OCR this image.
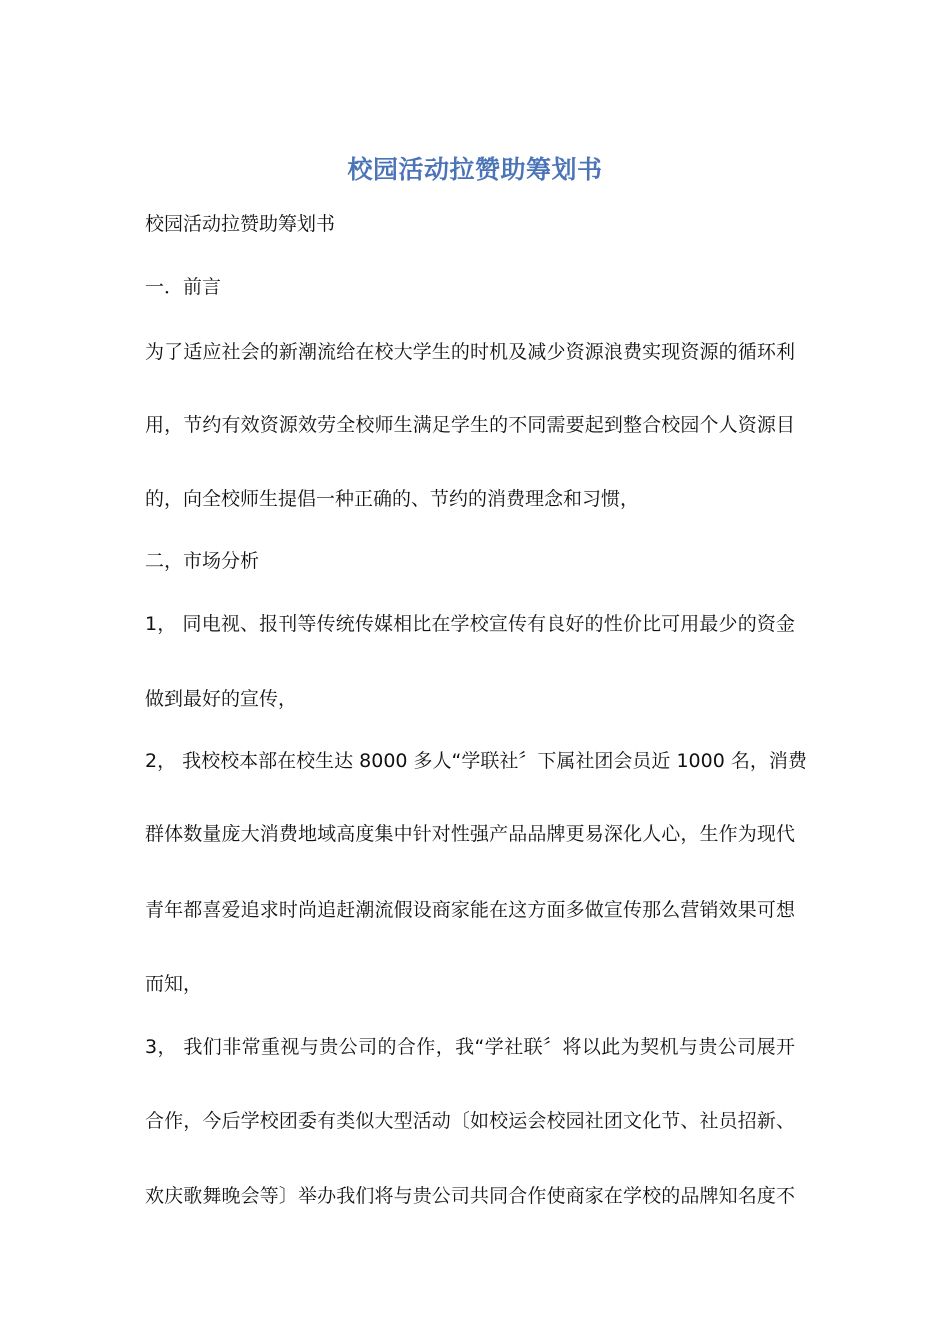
校园活动拉赞助筹划书
校园活动拉赞助筹划书
一．前言
为了适应社会的新潮流给在校大学生的时机及减少资源浪费实现资源的循环利
用，节约有效资源效劳全校师生满足学生的不同需要起到整合校园个人资源目
的，向全校师生提倡一种正确的、节约的消费理念和习惯，
二，市场分析
1， 同电视、报刊等传统传媒相比在学校宣传有良好的性价比可用最少的资金
做到最好的宣传，
2， 我校校本部在校生达 8000 多人“学联社〞下属社团会员近 1000 名，消费
群体数量庞大消费地域高度集中针对性强产品品牌更易深化人心，生作为现代
青年都喜爱追求时尚追赶潮流假设商家能在这方面多做宣传那么营销效果可想
而知，
3， 我们非常重视与贵公司的合作，我“学社联〞将以此为契机与贵公司展开
合作，今后学校团委有类似大型活动〔如校运会校园社团文化节、社员招新、
欢庆歌舞晚会等〕举办我们将与贵公司共同合作使商家在学校的品牌知名度不
